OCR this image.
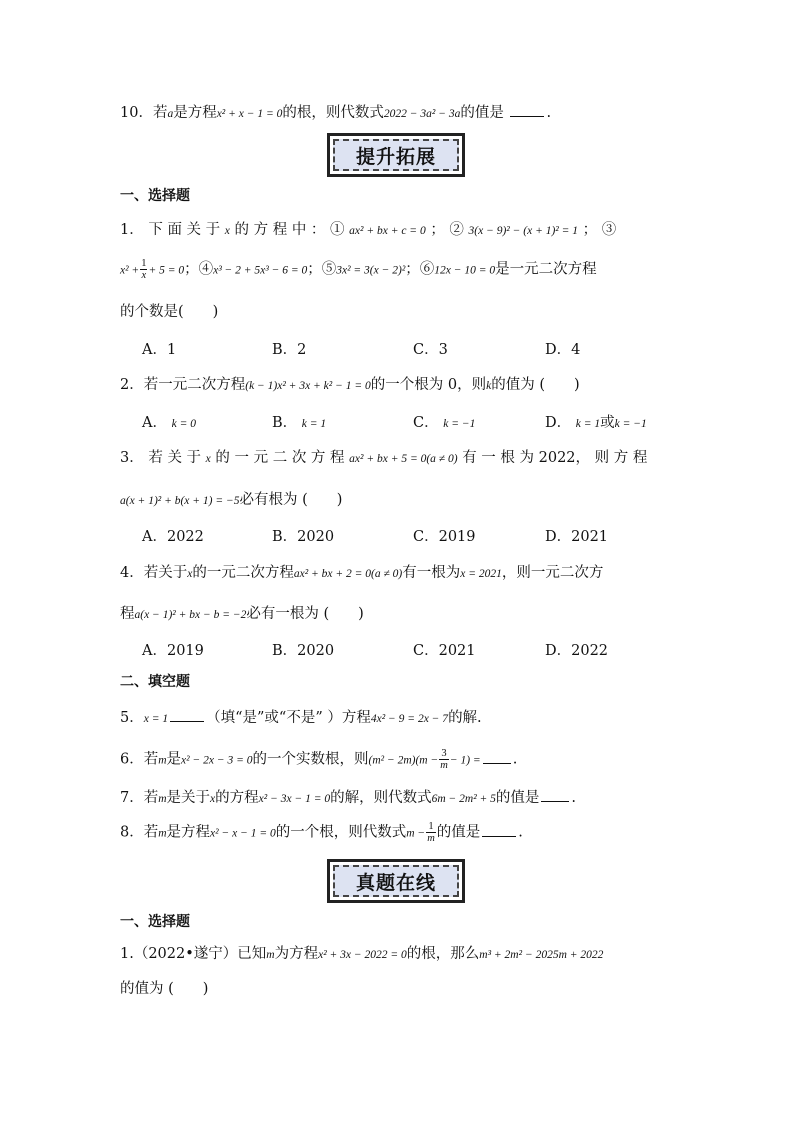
10．若a是方程x² + x − 1 = 0的根，则代数式2022 − 3a² − 3a的值是	.
提升拓展
一、选择题
1． 下 面 关 于 x 的 方 程 中 ： ① ax² + bx + c = 0 ； ② 3(x − 9)² − (x + 1)² = 1 ； ③
$x^2 + \frac{1}{x} + 5 = 0$；④x³ − 2 + 5x³ − 6 = 0；⑤3x² = 3(x − 2)²；⑥12x − 10 = 0是一元二次方程
的个数是(　　)
A．1	B．2	C．3	D．4
2．若一元二次方程(k − 1)x² + 3x + k² − 1 = 0的一个根为 0，则k的值为 (　　)
A． k = 0	B． k = 1	C． k = −1	D． k = 1或k = −1
3． 若 关 于 x 的 一 元 二 次 方 程 ax² + bx + 5 = 0(a ≠ 0) 有 一 根 为 2022， 则 方 程
a(x + 1)² + b(x + 1) = −5必有根为 (　　)
A．2022	B．2020	C．2019	D．2021
4．若关于x的一元二次方程ax² + bx + 2 = 0(a ≠ 0)有一根为x = 2021，则一元二次方
程a(x − 1)² + bx − b = −2必有一根为 (　　)
A．2019	B．2020	C．2021	D．2022
二、填空题
5．x = 1	（填“是”或“不是” ）方程4x² − 9 = 2x − 7的解.
6．若m是x² − 2x − 3 = 0的一个实数根，则$(m^2 - 2m)(m - \frac{3}{m} - 1)$ = .
7．若m是关于x的方程x² − 3x − 1 = 0的解，则代数式6m − 2m² + 5的值是 .
8．若m是方程x² − x − 1 = 0的一个根，则代数式$m - \frac{1}{m}$ 的值是	.
真题在线
一、选择题
1.（2022•遂宁）已知m为方程x² + 3x − 2022 = 0的根，那么m³ + 2m² − 2025m + 2022
的值为 (　　)
